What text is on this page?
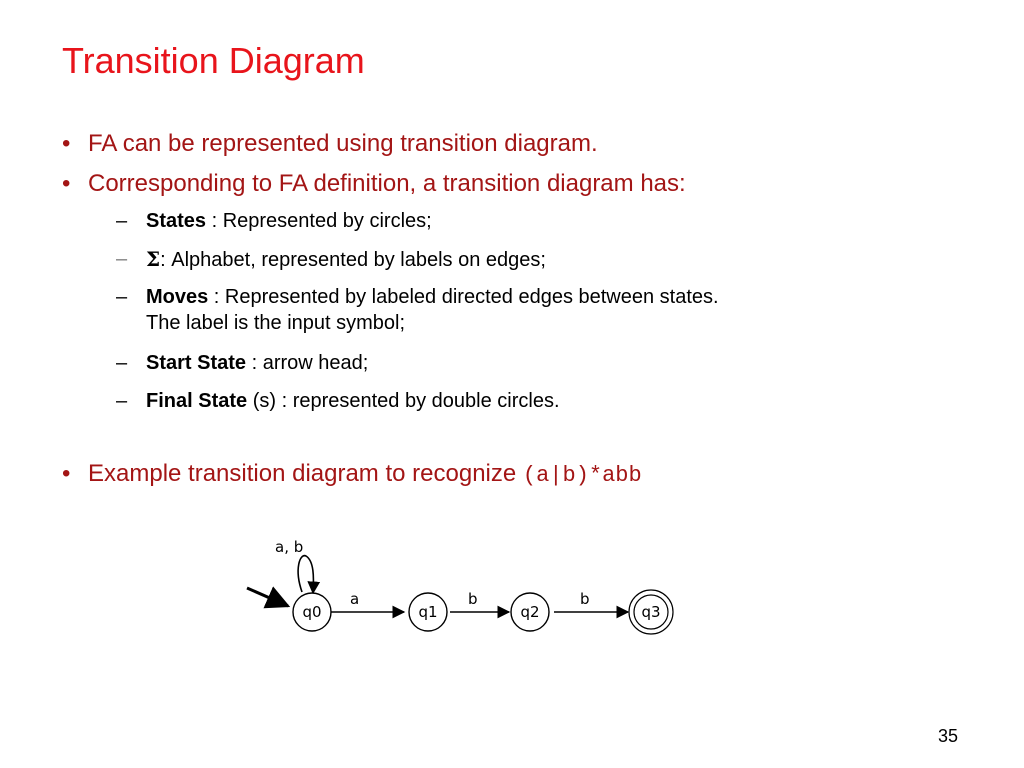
Transition Diagram
• FA can be represented using transition diagram.
• Corresponding to FA definition, a transition diagram has:
– States : Represented by circles;
– Σ: Alphabet, represented by labels on edges;
– Moves : Represented by labeled directed edges between states.
The label is the input symbol;
– Start State : arrow head;
– Final State (s) : represented by double circles.
• Example transition diagram to recognize (a|b)*abb
a, b
a	b	b
q0	q1	q2	q3
35
